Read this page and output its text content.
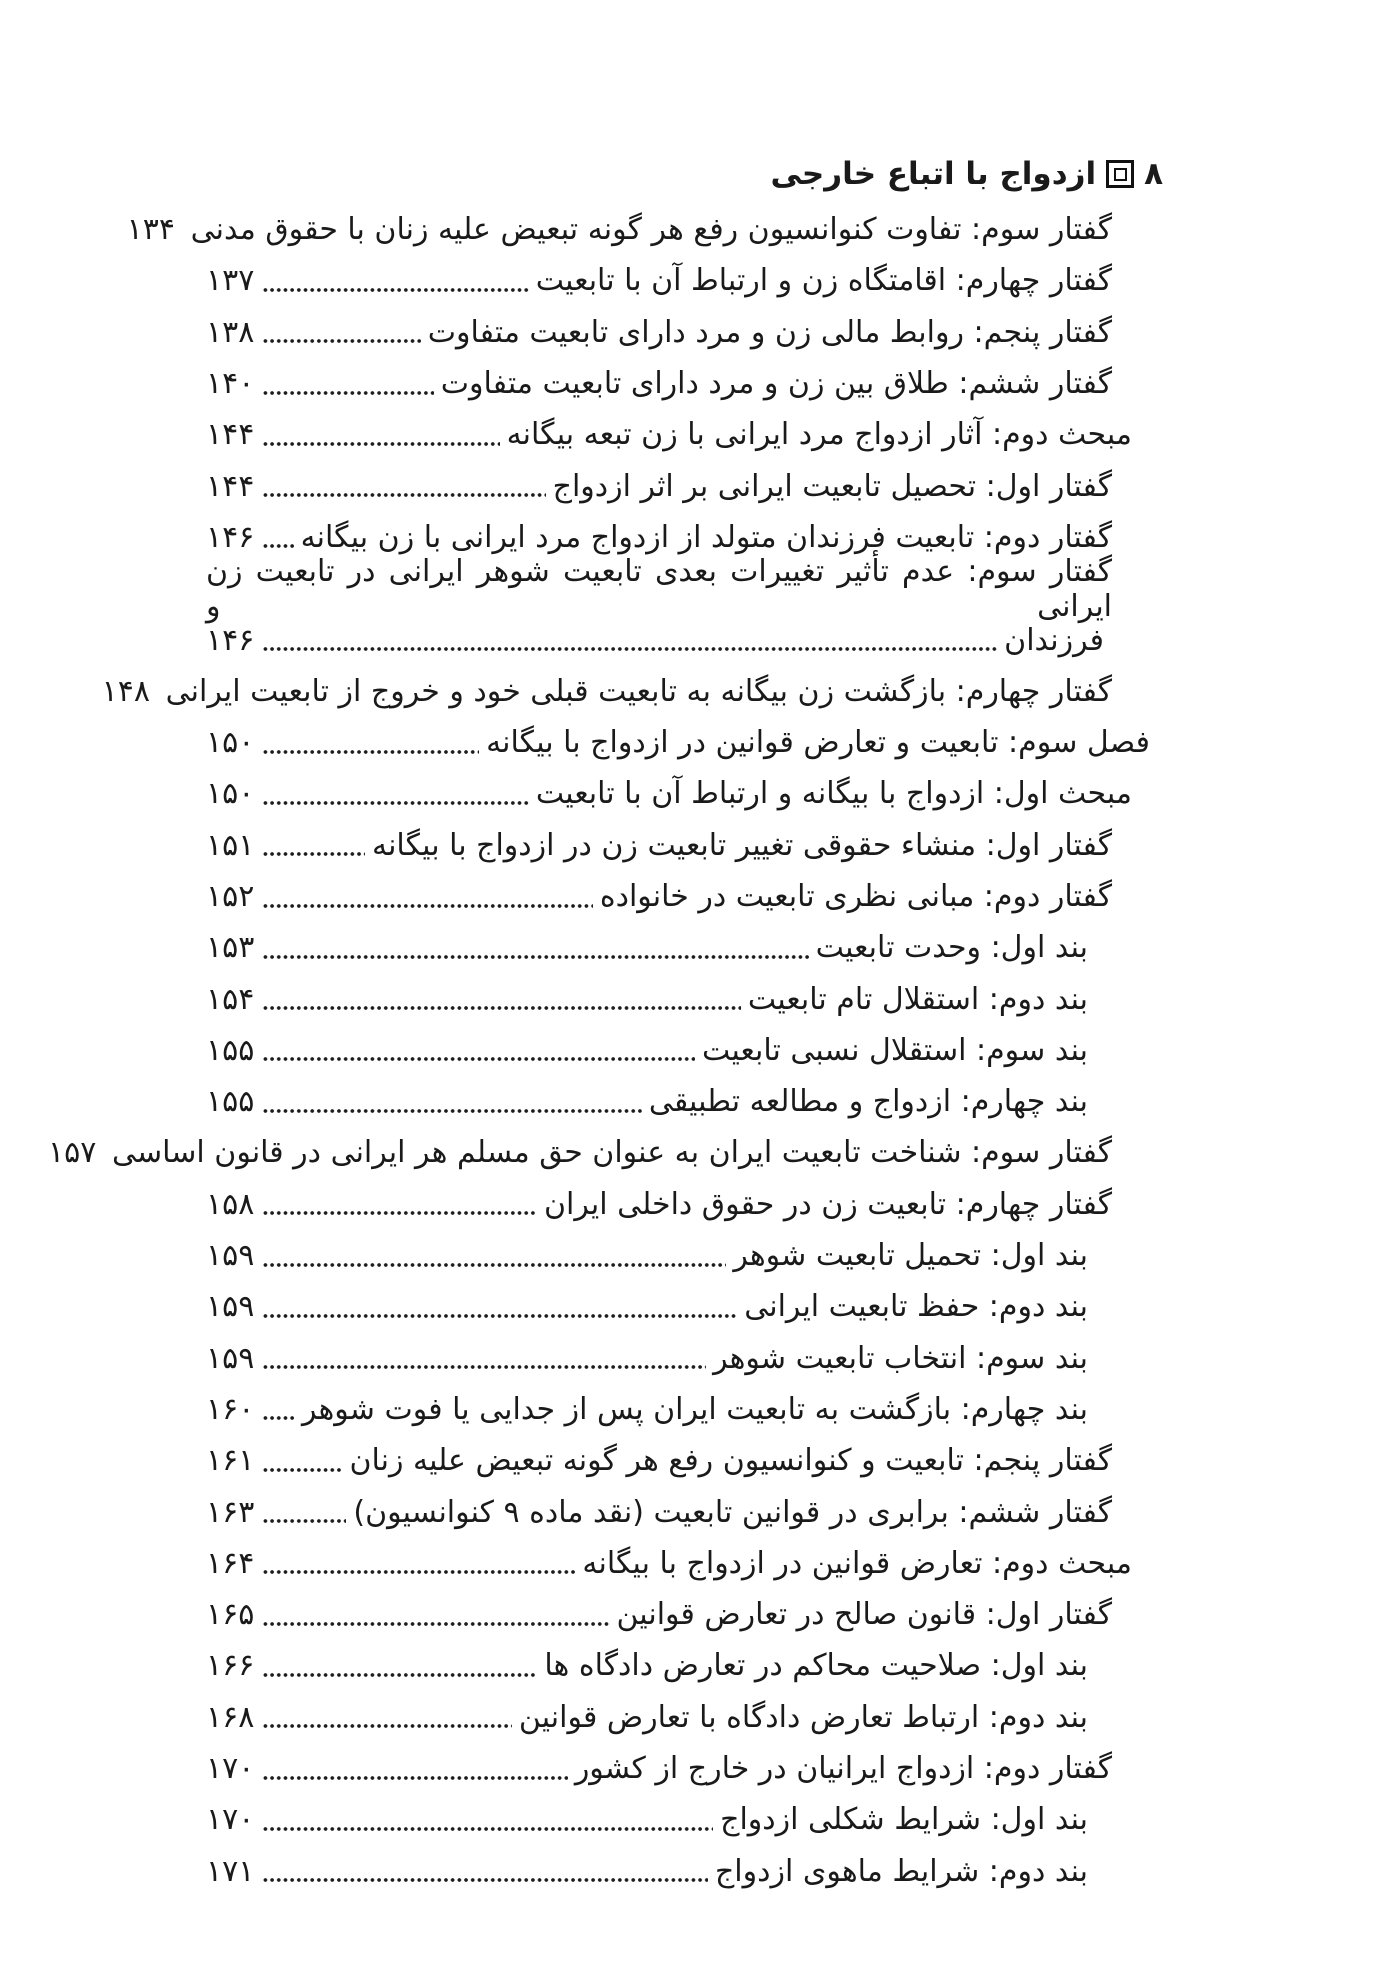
۸
ازدواج با اتباع خارجی
گفتار سوم: تفاوت کنوانسیون رفع هر گونه تبعیض علیه زنان با حقوق مدنی
۱۳۴
گفتار چهارم: اقامتگاه زن و ارتباط آن با تابعیت
۱۳۷
گفتار پنجم: روابط مالی زن و مرد دارای تابعیت متفاوت
۱۳۸
گفتار ششم: طلاق بین زن و مرد دارای تابعیت متفاوت
۱۴۰
مبحث دوم: آثار ازدواج مرد ایرانی با زن تبعه بیگانه
۱۴۴
گفتار اول: تحصیل تابعیت ایرانی بر اثر ازدواج
۱۴۴
گفتار دوم: تابعیت فرزندان متولد از ازدواج مرد ایرانی با زن بیگانه
۱۴۶
گفتار سوم: عدم تأثیر تغییرات بعدی تابعیت شوهر ایرانی در تابعیت زن ایرانی و
فرزندان
۱۴۶
گفتار چهارم: بازگشت زن بیگانه به تابعیت قبلی خود و خروج از تابعیت ایرانی
۱۴۸
فصل سوم: تابعیت و تعارض قوانین در ازدواج با بیگانه
۱۵۰
مبحث اول: ازدواج با بیگانه و ارتباط آن با تابعیت
۱۵۰
گفتار اول: منشاء حقوقی تغییر تابعیت زن در ازدواج با بیگانه
۱۵۱
گفتار دوم: مبانی نظری تابعیت در خانواده
۱۵۲
بند اول: وحدت تابعیت
۱۵۳
بند دوم: استقلال تام تابعیت
۱۵۴
بند سوم: استقلال نسبی تابعیت
۱۵۵
بند چهارم: ازدواج و مطالعه تطبیقی
۱۵۵
گفتار سوم: شناخت تابعیت ایران به عنوان حق مسلم هر ایرانی در قانون اساسی
۱۵۷
گفتار چهارم: تابعیت زن در حقوق داخلی ایران
۱۵۸
بند اول: تحمیل تابعیت شوهر
۱۵۹
بند دوم: حفظ تابعیت ایرانی
۱۵۹
بند سوم: انتخاب تابعیت شوهر
۱۵۹
بند چهارم: بازگشت به تابعیت ایران پس از جدایی یا فوت شوهر
۱۶۰
گفتار پنجم: تابعیت و کنوانسیون رفع هر گونه تبعیض علیه زنان
۱۶۱
گفتار ششم: برابری در قوانین تابعیت (نقد ماده ۹ کنوانسیون)
۱۶۳
مبحث دوم: تعارض قوانین در ازدواج با بیگانه
۱۶۴
گفتار اول: قانون صالح در تعارض قوانین
۱۶۵
بند اول: صلاحیت محاکم در تعارض دادگاه ها
۱۶۶
بند دوم: ارتباط تعارض دادگاه با تعارض قوانین
۱۶۸
گفتار دوم: ازدواج ایرانیان در خارج از کشور
۱۷۰
بند اول: شرایط شکلی ازدواج
۱۷۰
بند دوم: شرایط ماهوی ازدواج
۱۷۱
